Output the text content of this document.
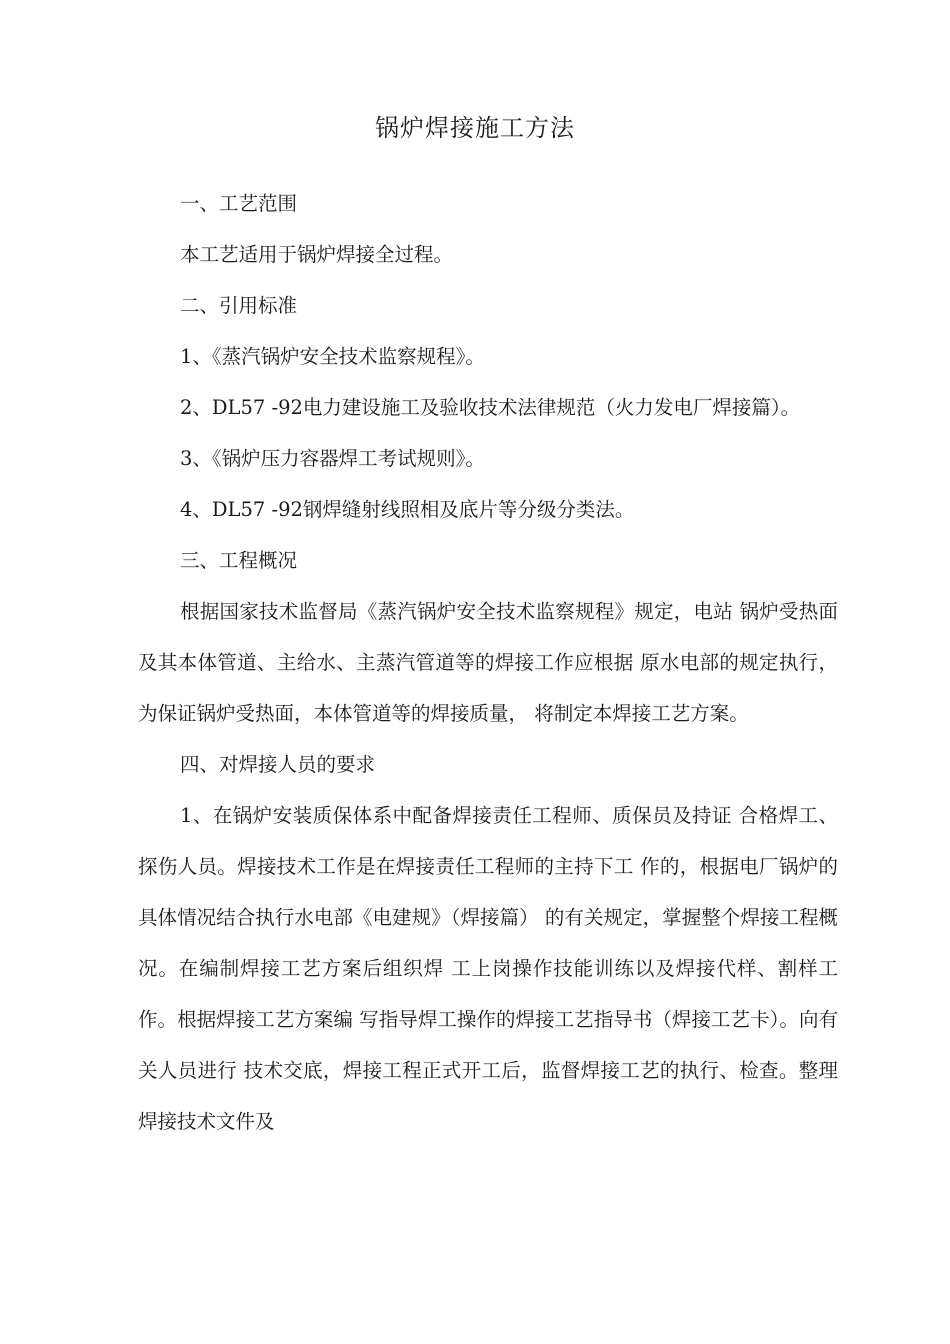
锅炉焊接施工方法

一、工艺范围

本工艺适用于锅炉焊接全过程。

二、引用标准

1、《蒸汽锅炉安全技术监察规程》。

2、DL57 -92电力建设施工及验收技术法律规范（火力发电厂焊接篇）。

3、《锅炉压力容器焊工考试规则》。

4、DL57 -92钢焊缝射线照相及底片等分级分类法。

三、工程概况

根据国家技术监督局《蒸汽锅炉安全技术监察规程》规定，电站 锅炉受热面及其本体管道、主给水、主蒸汽管道等的焊接工作应根据 原水电部的规定执行，为保证锅炉受热面，本体管道等的焊接质量， 将制定本焊接工艺方案。

四、对焊接人员的要求

1、在锅炉安装质保体系中配备焊接责任工程师、质保员及持证 合格焊工、探伤人员。焊接技术工作是在焊接责任工程师的主持下工 作的，根据电厂锅炉的具体情况结合执行水电部《电建规》（焊接篇） 的有关规定，掌握整个焊接工程概况。在编制焊接工艺方案后组织焊 工上岗操作技能训练以及焊接代样、割样工作。根据焊接工艺方案编 写指导焊工操作的焊接工艺指导书（焊接工艺卡）。向有关人员进行 技术交底，焊接工程正式开工后，监督焊接工艺的执行、检查。整理 焊接技术文件及
